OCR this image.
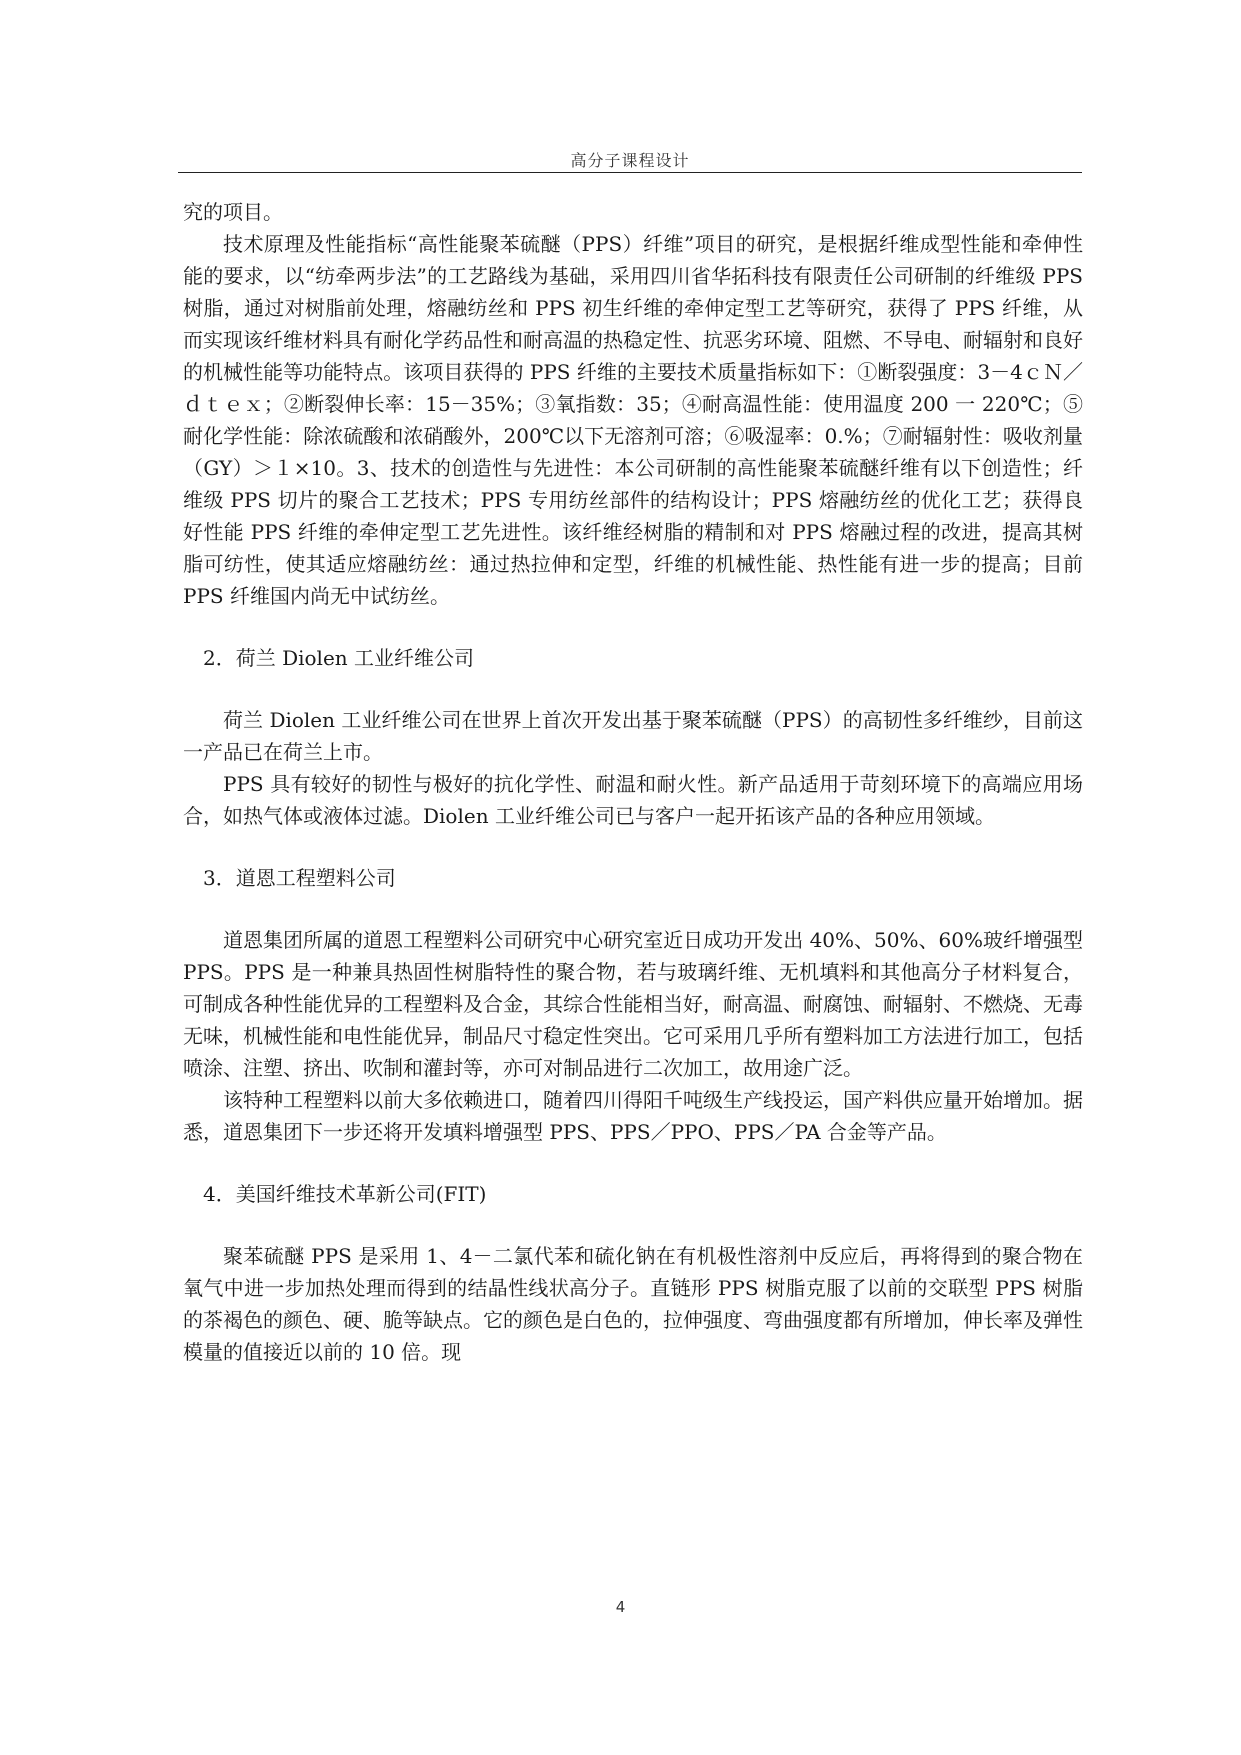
高分子课程设计

究的项目。

技术原理及性能指标“高性能聚苯硫醚（PPS）纤维”项目的研究，是根据纤维成型性能和牵伸性能的要求，以“纺牵两步法”的工艺路线为基础，采用四川省华拓科技有限责任公司研制的纤维级 PPS 树脂，通过对树脂前处理，熔融纺丝和 PPS 初生纤维的牵伸定型工艺等研究，获得了 PPS 纤维，从而实现该纤维材料具有耐化学药品性和耐高温的热稳定性、抗恶劣环境、阻燃、不导电、耐辐射和良好的机械性能等功能特点。该项目获得的 PPS 纤维的主要技术质量指标如下：①断裂强度：3－4ｃＮ／ｄｔｅｘ；②断裂伸长率：15－35%；③氧指数：35；④耐高温性能：使用温度 200 一 220℃；⑤耐化学性能：除浓硫酸和浓硝酸外，200℃以下无溶剂可溶；⑥吸湿率：0.%；⑦耐辐射性：吸收剂量（GY）＞１×10。3、技术的创造性与先进性：本公司研制的高性能聚苯硫醚纤维有以下创造性；纤维级 PPS 切片的聚合工艺技术；PPS 专用纺丝部件的结构设计；PPS 熔融纺丝的优化工艺；获得良好性能 PPS 纤维的牵伸定型工艺先进性。该纤维经树脂的精制和对 PPS 熔融过程的改进，提高其树脂可纺性，使其适应熔融纺丝：通过热拉伸和定型，纤维的机械性能、热性能有进一步的提高；目前 PPS 纤维国内尚无中试纺丝。

2．荷兰 Diolen 工业纤维公司

荷兰 Diolen 工业纤维公司在世界上首次开发出基于聚苯硫醚（PPS）的高韧性多纤维纱，目前这一产品已在荷兰上市。

PPS 具有较好的韧性与极好的抗化学性、耐温和耐火性。新产品适用于苛刻环境下的高端应用场合，如热气体或液体过滤。Diolen 工业纤维公司已与客户一起开拓该产品的各种应用领域。

3．道恩工程塑料公司

道恩集团所属的道恩工程塑料公司研究中心研究室近日成功开发出 40%、50%、60%玻纤增强型 PPS。PPS 是一种兼具热固性树脂特性的聚合物，若与玻璃纤维、无机填料和其他高分子材料复合，可制成各种性能优异的工程塑料及合金，其综合性能相当好，耐高温、耐腐蚀、耐辐射、不燃烧、无毒无味，机械性能和电性能优异，制品尺寸稳定性突出。它可采用几乎所有塑料加工方法进行加工，包括喷涂、注塑、挤出、吹制和灌封等，亦可对制品进行二次加工，故用途广泛。

该特种工程塑料以前大多依赖进口，随着四川得阳千吨级生产线投运，国产料供应量开始增加。据悉，道恩集团下一步还将开发填料增强型 PPS、PPS／PPO、PPS／PA 合金等产品。

4．美国纤维技术革新公司(FIT)

聚苯硫醚 PPS 是采用 1、4－二氯代苯和硫化钠在有机极性溶剂中反应后，再将得到的聚合物在氧气中进一步加热处理而得到的结晶性线状高分子。直链形 PPS 树脂克服了以前的交联型 PPS 树脂的茶褐色的颜色、硬、脆等缺点。它的颜色是白色的，拉伸强度、弯曲强度都有所增加，伸长率及弹性模量的值接近以前的 10 倍。现

4
